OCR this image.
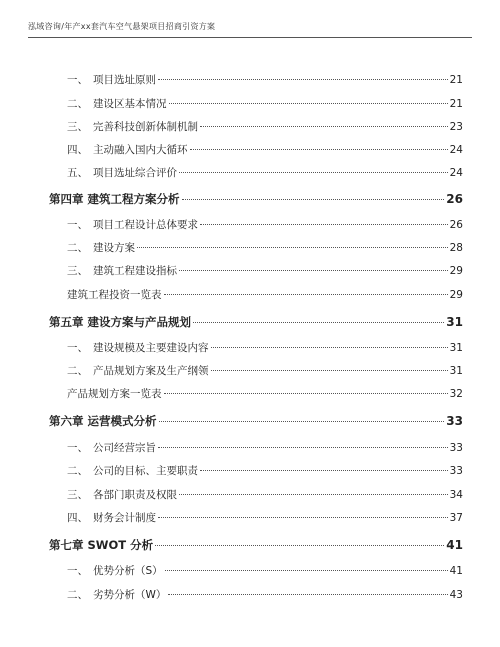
泓域咨询/年产xx套汽车空气悬架项目招商引资方案
一、 项目选址原则	21
二、 建设区基本情况	21
三、 完善科技创新体制机制	23
四、 主动融入国内大循环	24
五、 项目选址综合评价	24
第四章 建筑工程方案分析	26
一、 项目工程设计总体要求	26
二、 建设方案	28
三、 建筑工程建设指标	29
建筑工程投资一览表	29
第五章 建设方案与产品规划	31
一、 建设规模及主要建设内容	31
二、 产品规划方案及生产纲领	31
产品规划方案一览表	32
第六章 运营模式分析	33
一、 公司经营宗旨	33
二、 公司的目标、主要职责	33
三、 各部门职责及权限	34
四、 财务会计制度	37
第七章 SWOT 分析	41
一、 优势分析（S）	41
二、 劣势分析（W）	43
